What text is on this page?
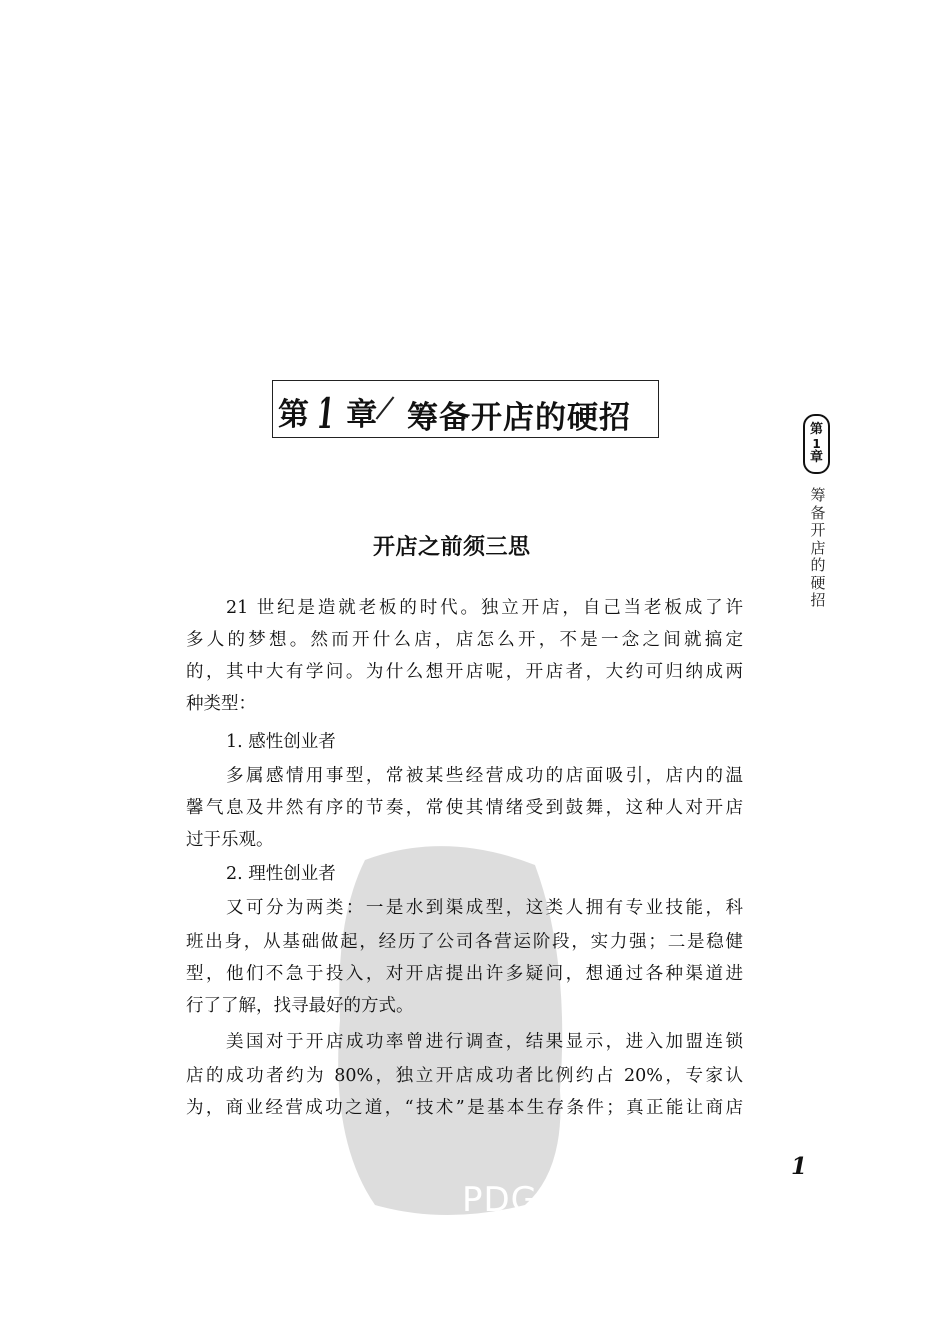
第 1 章 筹备开店的硬招	第
1
章
筹
备
开
店
的
硬
招
开店之前须三思
PDG
21 世纪是造就老板的时代。独立开店，自己当老板成了许
多人的梦想。然而开什么店，店怎么开，不是一念之间就搞定
的，其中大有学问。为什么想开店呢，开店者，大约可归纳成两
种类型：
1. 感性创业者
多属感情用事型，常被某些经营成功的店面吸引，店内的温
馨气息及井然有序的节奏，常使其情绪受到鼓舞，这种人对开店
过于乐观。
2. 理性创业者
又可分为两类：一是水到渠成型，这类人拥有专业技能，科
班出身，从基础做起，经历了公司各营运阶段，实力强；二是稳健
型，他们不急于投入，对开店提出许多疑问，想通过各种渠道进
行了了解，找寻最好的方式。
美国对于开店成功率曾进行调查，结果显示，进入加盟连锁
店的成功者约为 80%，独立开店成功者比例约占 20%，专家认
为，商业经营成功之道，“技术”是基本生存条件；真正能让商店
1
